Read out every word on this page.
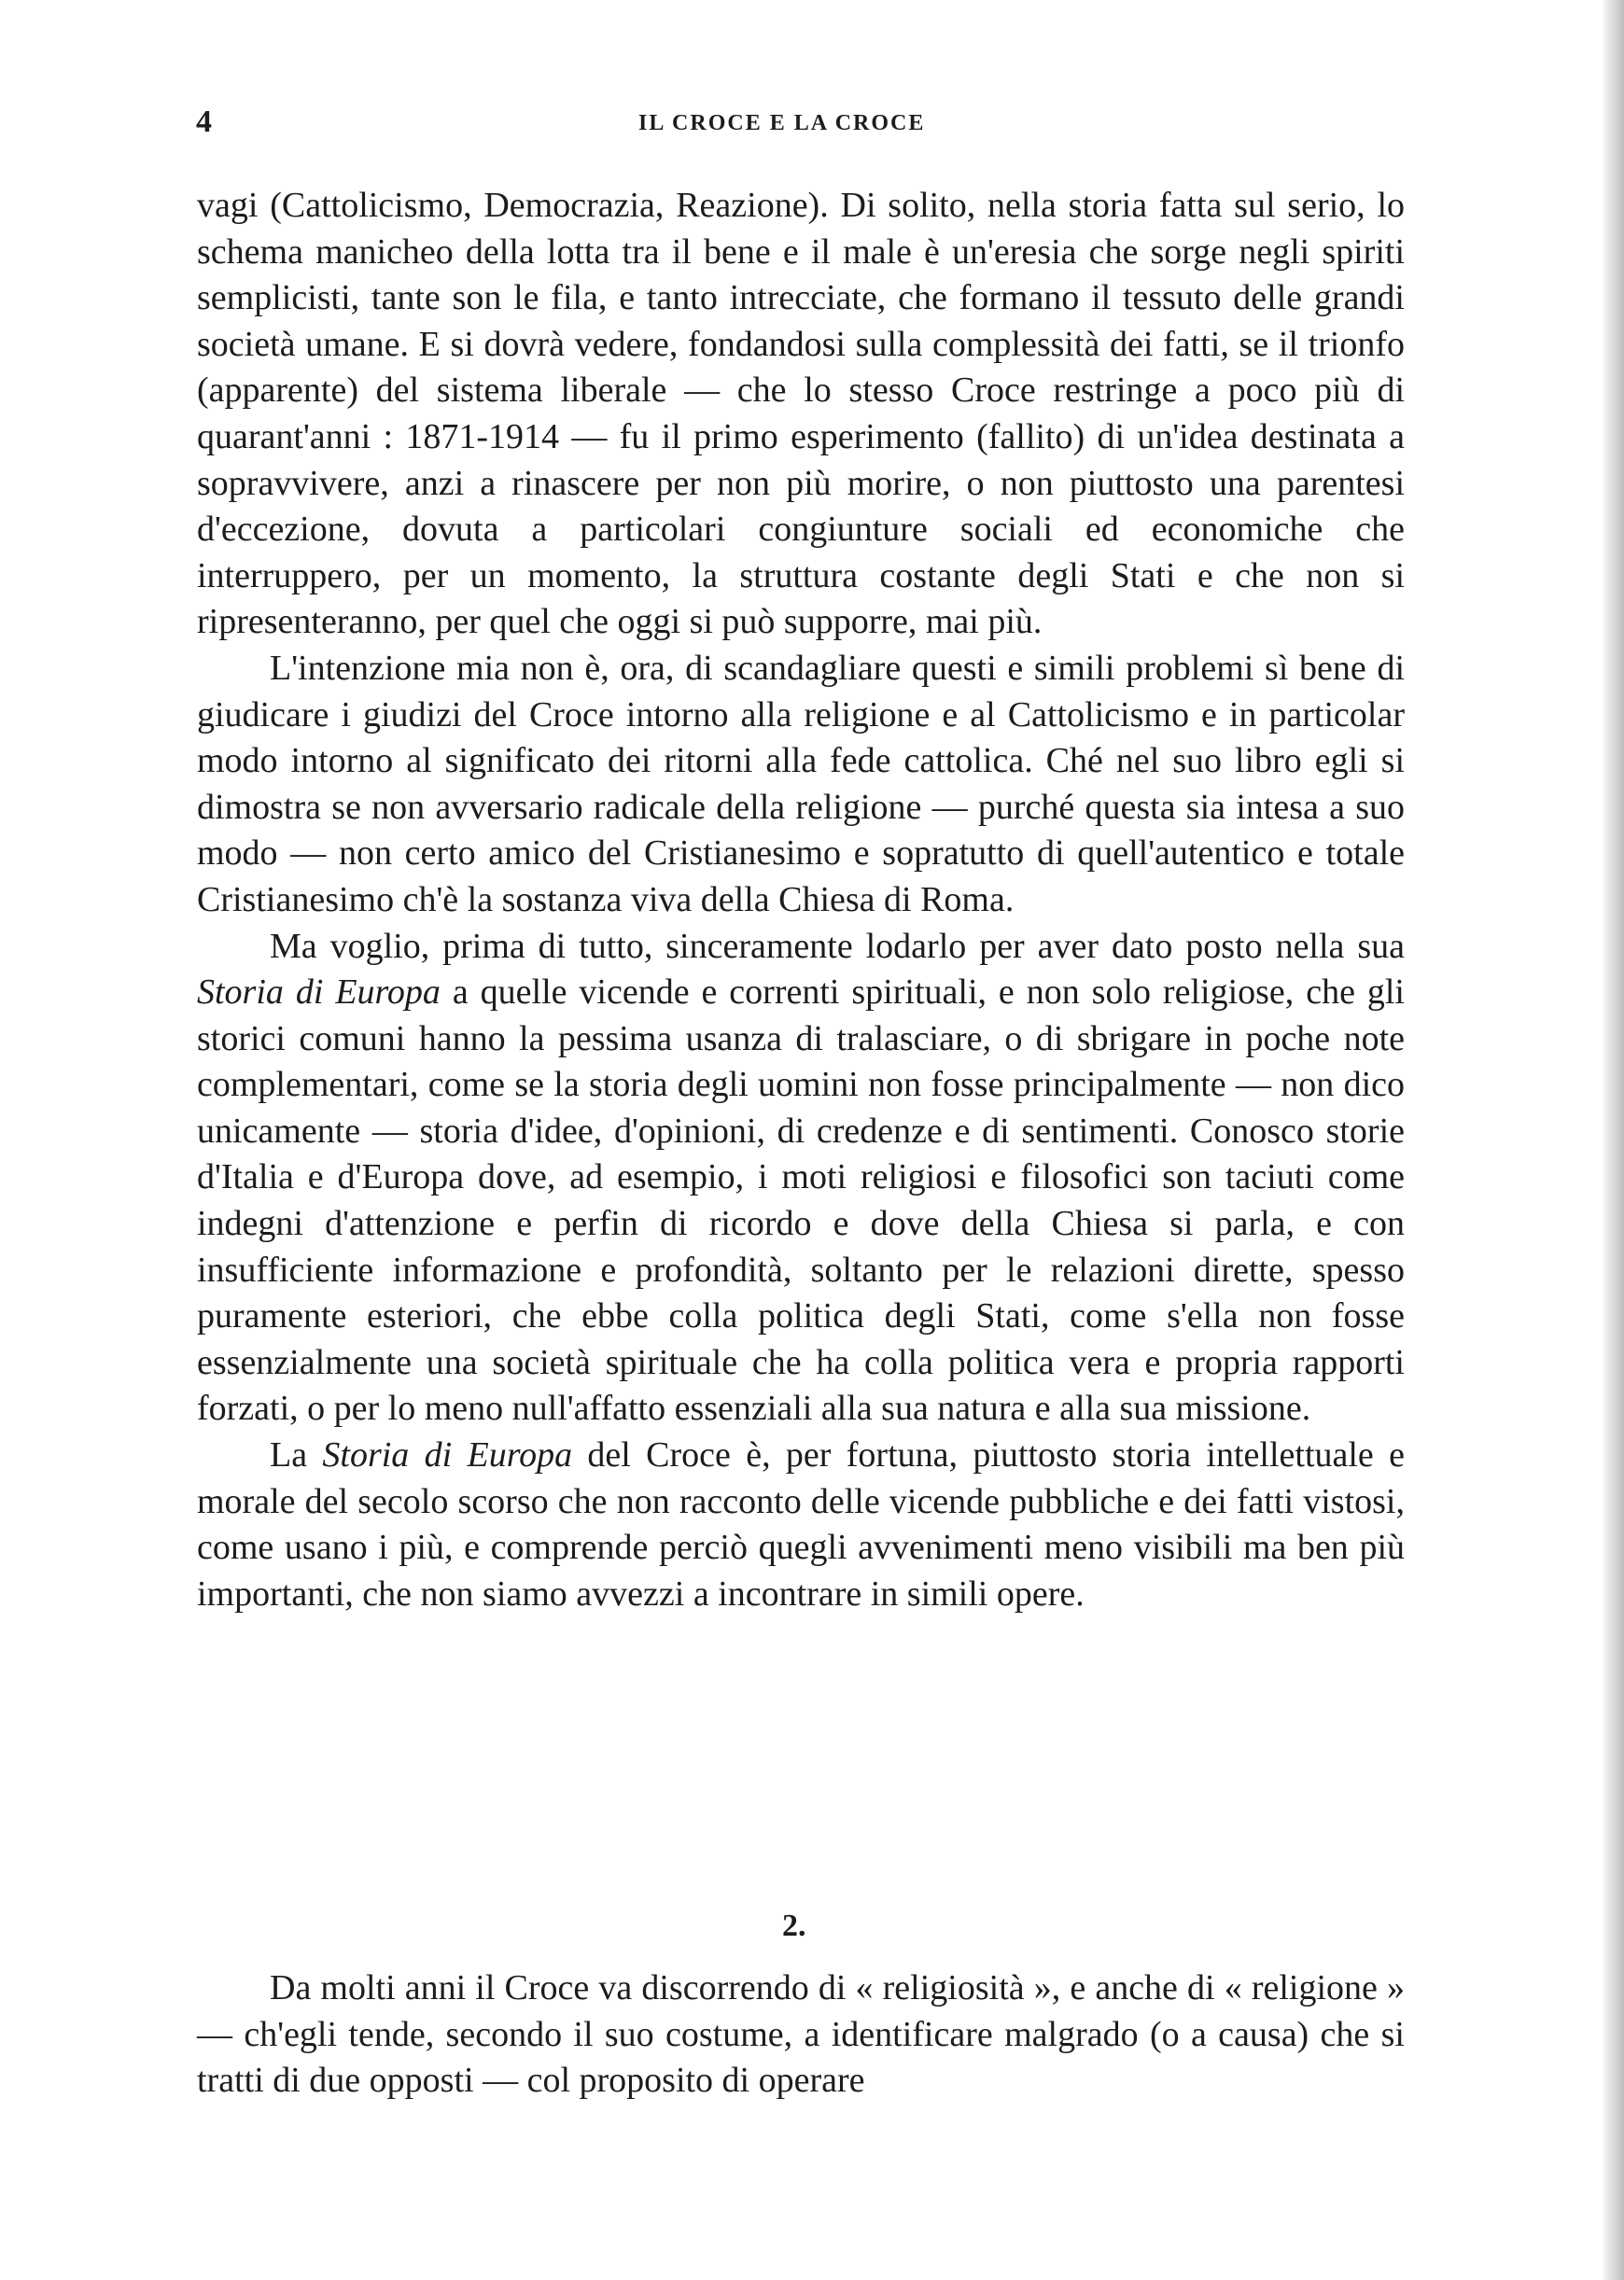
4	IL CROCE E LA CROCE

vagi (Cattolicismo, Democrazia, Reazione). Di solito, nella storia fatta sul serio, lo schema manicheo della lotta tra il bene e il male è un'eresia che sorge negli spiriti semplicisti, tante son le fila, e tanto intrecciate, che formano il tessuto delle grandi società umane. E si dovrà vedere, fondandosi sulla complessità dei fatti, se il trionfo (apparente) del sistema liberale — che lo stesso Croce restringe a poco più di quarant'anni : 1871-1914 — fu il primo esperimento (fallito) di un'idea destinata a sopravvivere, anzi a rinascere per non più morire, o non piuttosto una parentesi d'eccezione, dovuta a particolari congiunture sociali ed economiche che interruppero, per un momento, la struttura costante degli Stati e che non si ripresenteranno, per quel che oggi si può supporre, mai più.

L'intenzione mia non è, ora, di scandagliare questi e simili problemi sì bene di giudicare i giudizi del Croce intorno alla religione e al Cattolicismo e in particolar modo intorno al significato dei ritorni alla fede cattolica. Ché nel suo libro egli si dimostra se non avversario radicale della religione — purché questa sia intesa a suo modo — non certo amico del Cristianesimo e sopratutto di quell'autentico e totale Cristianesimo ch'è la sostanza viva della Chiesa di Roma.

Ma voglio, prima di tutto, sinceramente lodarlo per aver dato posto nella sua Storia di Europa a quelle vicende e correnti spirituali, e non solo religiose, che gli storici comuni hanno la pessima usanza di tralasciare, o di sbrigare in poche note complementari, come se la storia degli uomini non fosse principalmente — non dico unicamente — storia d'idee, d'opinioni, di credenze e di sentimenti. Conosco storie d'Italia e d'Europa dove, ad esempio, i moti religiosi e filosofici son taciuti come indegni d'attenzione e perfin di ricordo e dove della Chiesa si parla, e con insufficiente informazione e profondità, soltanto per le relazioni dirette, spesso puramente esteriori, che ebbe colla politica degli Stati, come s'ella non fosse essenzialmente una società spirituale che ha colla politica vera e propria rapporti forzati, o per lo meno null'affatto essenziali alla sua natura e alla sua missione.

La Storia di Europa del Croce è, per fortuna, piuttosto storia intellettuale e morale del secolo scorso che non racconto delle vicende pubbliche e dei fatti vistosi, come usano i più, e comprende perciò quegli avvenimenti meno visibili ma ben più importanti, che non siamo avvezzi a incontrare in simili opere.

2.

Da molti anni il Croce va discorrendo di « religiosità », e anche di « religione » — ch'egli tende, secondo il suo costume, a identificare malgrado (o a causa) che si tratti di due opposti — col proposito di operare
